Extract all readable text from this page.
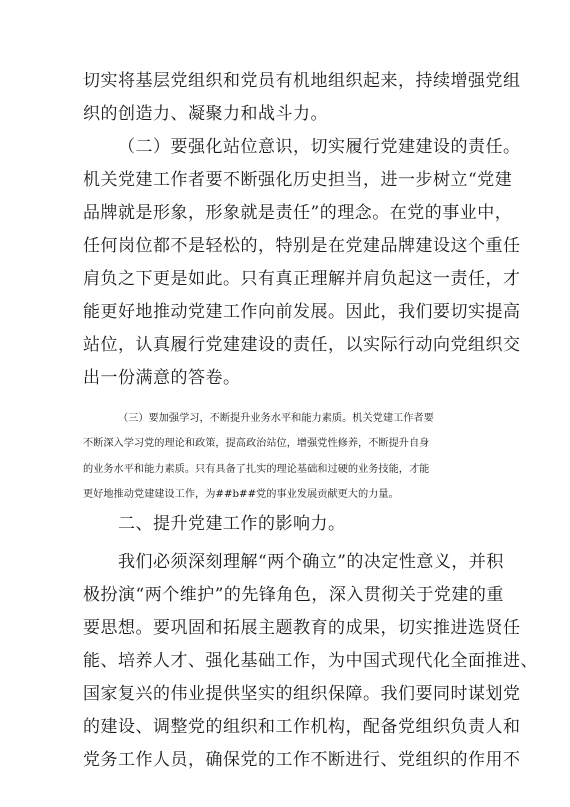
切实将基层党组织和党员有机地组织起来，持续增强党组
织的创造力、凝聚力和战斗力。
（二）要强化站位意识，切实履行党建建设的责任。
机关党建工作者要不断强化历史担当，进一步树立“党建
品牌就是形象，形象就是责任”的理念。在党的事业中，
任何岗位都不是轻松的，特别是在党建品牌建设这个重任
肩负之下更是如此。只有真正理解并肩负起这一责任，才
能更好地推动党建工作向前发展。因此，我们要切实提高
站位，认真履行党建建设的责任，以实际行动向党组织交
出一份满意的答卷。
（三）要加强学习，不断提升业务水平和能力素质。机关党建工作者要
不断深入学习党的理论和政策，提高政治站位，增强党性修养，不断提升自身
的业务水平和能力素质。只有具备了扎实的理论基础和过硬的业务技能，才能
更好地推动党建建设工作，为##b##党的事业发展贡献更大的力量。
二、提升党建工作的影响力。
我们必须深刻理解“两个确立”的决定性意义，并积
极扮演“两个维护”的先锋角色，深入贯彻关于党建的重
要思想。要巩固和拓展主题教育的成果，切实推进选贤任
能、培养人才、强化基础工作，为中国式现代化全面推进、
国家复兴的伟业提供坚实的组织保障。我们要同时谋划党
的建设、调整党的组织和工作机构，配备党组织负责人和
党务工作人员，确保党的工作不断进行、党组织的作用不
